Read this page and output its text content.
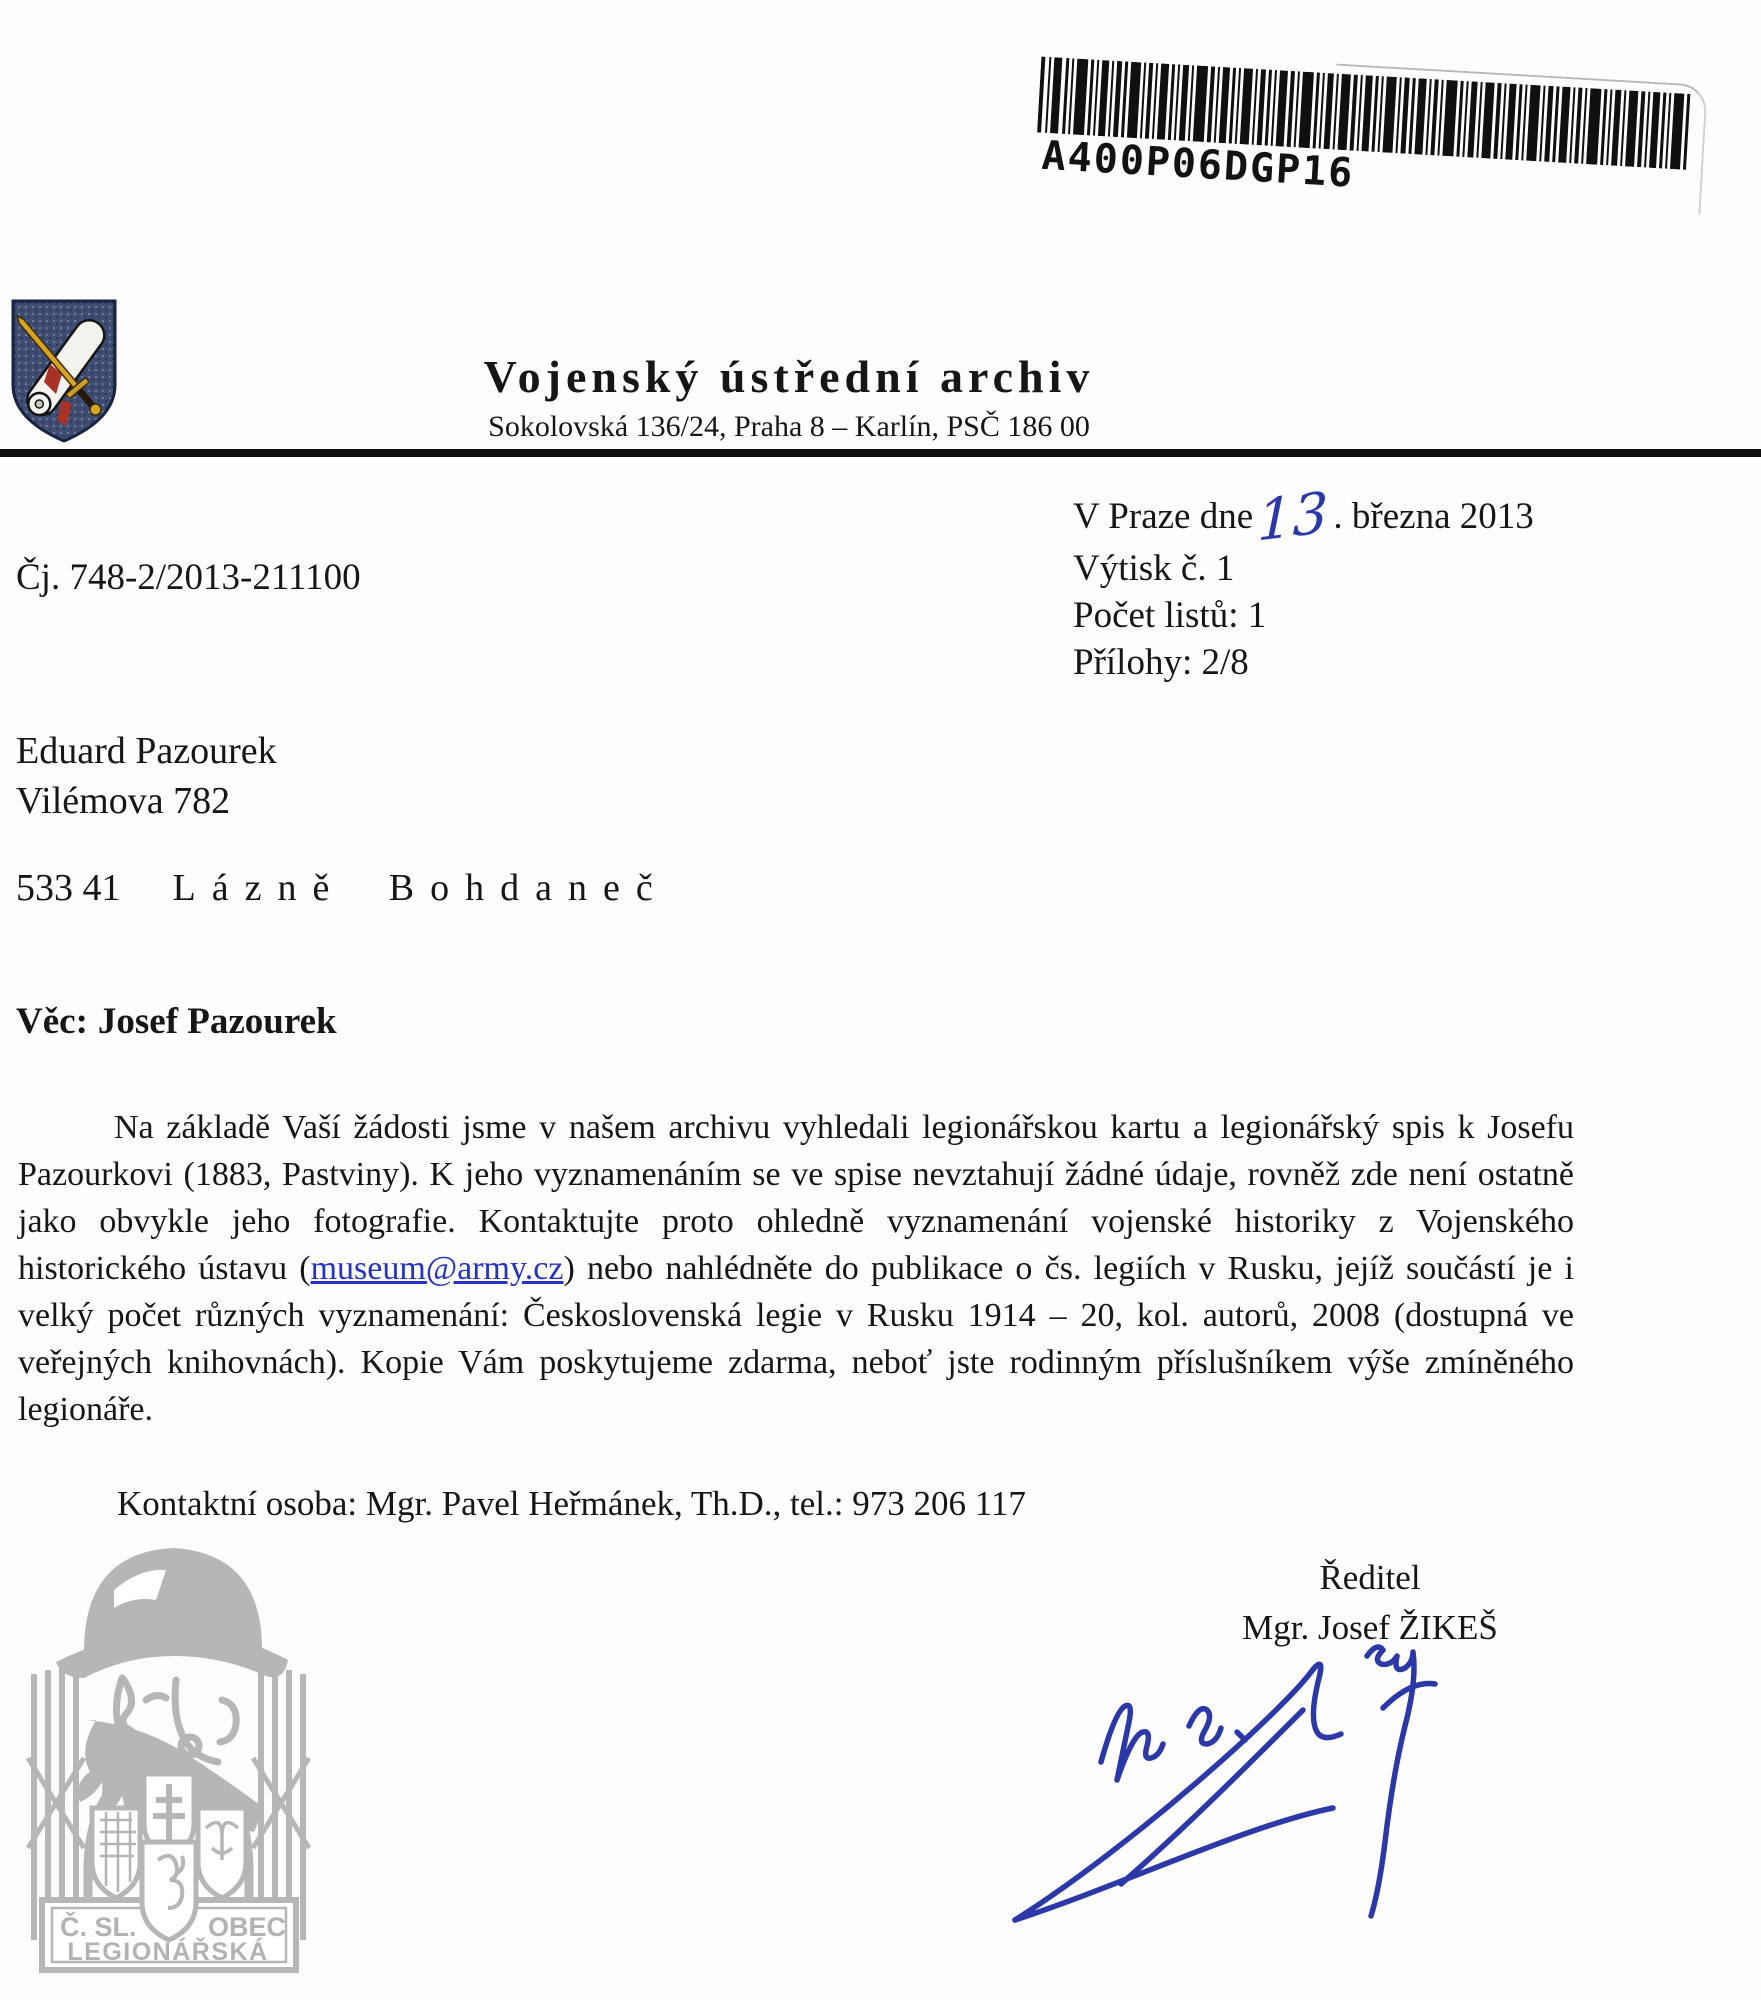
A400P06DGP16
Vojenský ústřední archiv
Sokolovská 136/24, Praha 8 – Karlín, PSČ 186 00
Čj. 748-2/2013-211100
V Praze dne13 . března 2013
Výtisk č. 1
Počet listů: 1
Přílohy: 2/8
Eduard Pazourek
Vilémova 782
533 41 Lázně Bohdaneč
Věc: Josef Pazourek

Na základě Vaší žádosti jsme v našem archivu vyhledali legionářskou kartu a legionářský spis k Josefu Pazourkovi (1883, Pastviny). K jeho vyznamenáním se ve spise nevztahují žádné údaje, rovněž zde není ostatně jako obvykle jeho fotografie. Kontaktujte proto ohledně vyznamenání vojenské historiky z Vojenského historického ústavu (museum@army.cz) nebo nahlédněte do publikace o čs. legiích v Rusku, jejíž součástí je i velký počet různých vyznamenání: Československá legie v Rusku 1914 – 20, kol. autorů, 2008 (dostupná ve veřejných knihovnách). Kopie Vám poskytujeme zdarma, neboť jste rodinným příslušníkem výše zmíněného legionáře.

Kontaktní osoba: Mgr. Pavel Heřmánek, Th.D., tel.: 973 206 117
Ředitel
Mgr. Josef ŽIKEŠ
Č. SL.	OBEC
LEGIONÁŘSKÁ
